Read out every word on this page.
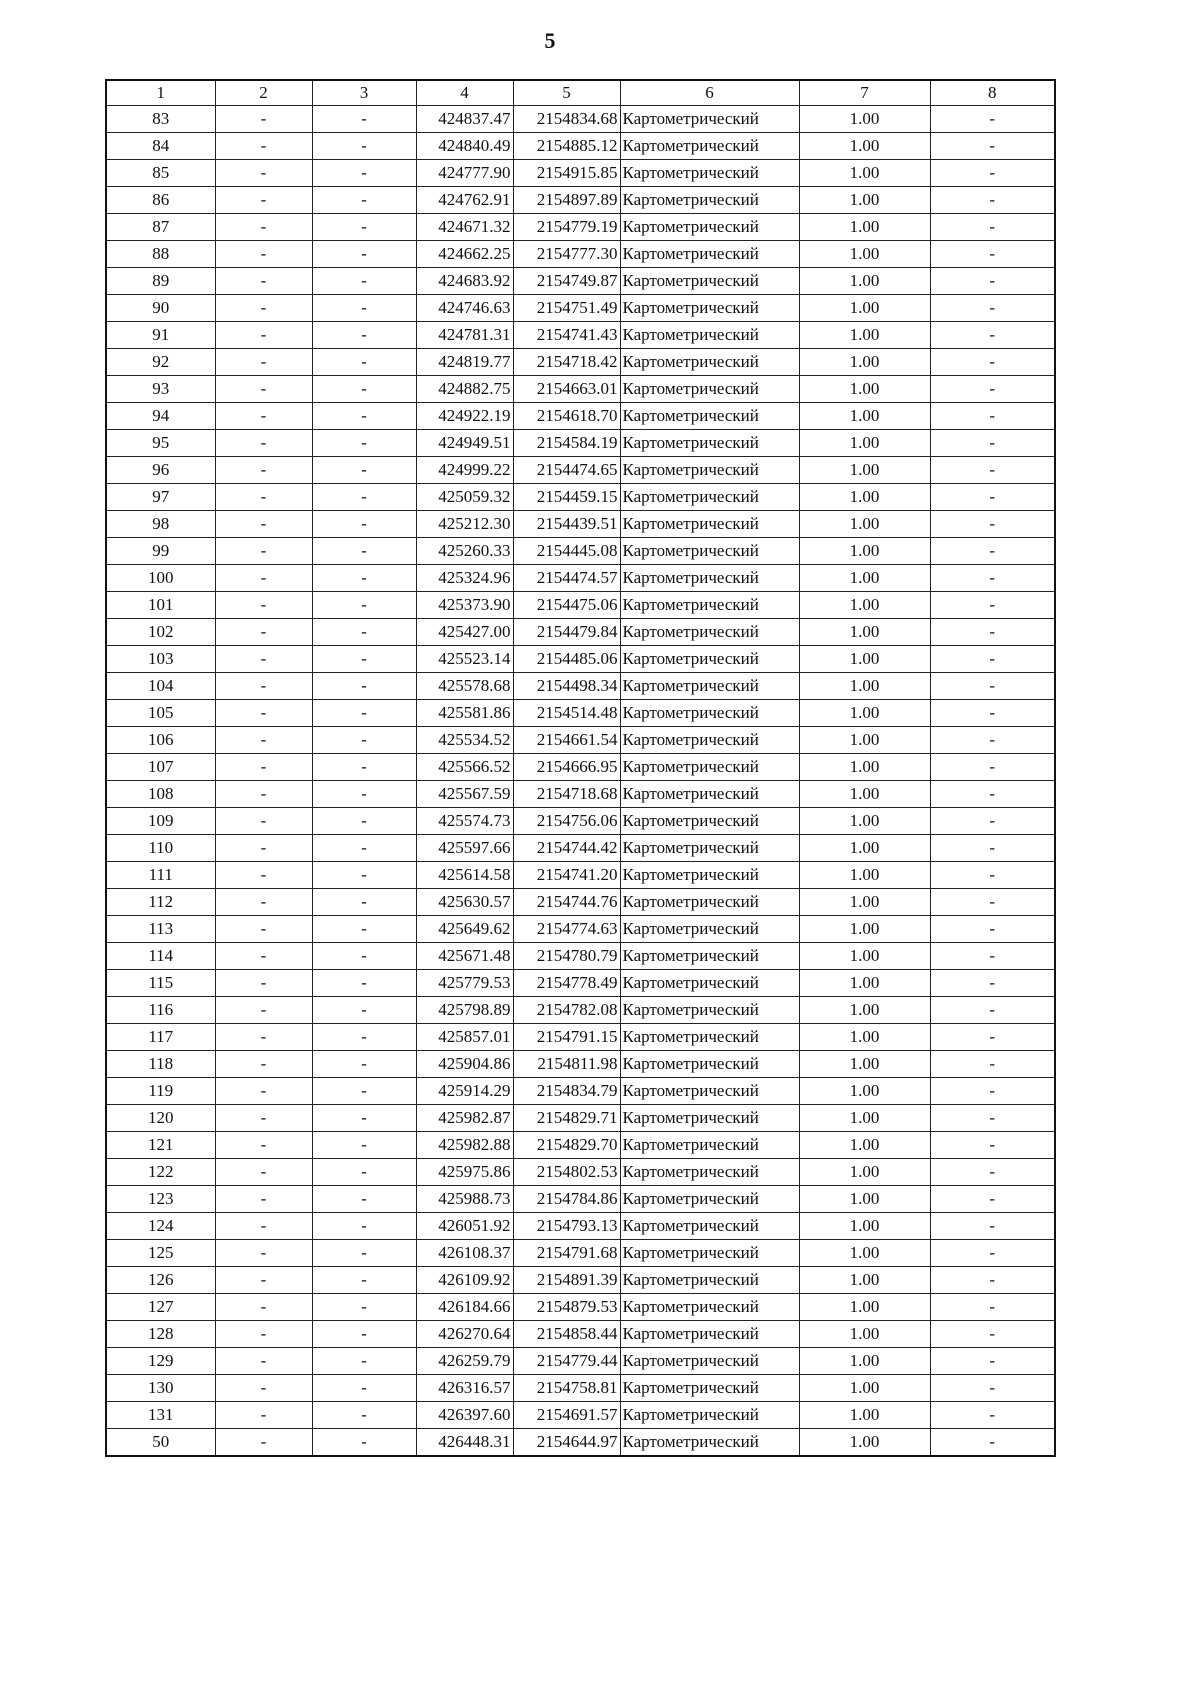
5
1	2	3	4	5	6	7	8
83	-	-	424837.47	2154834.68	Картометрический	1.00	-
84	-	-	424840.49	2154885.12	Картометрический	1.00	-
85	-	-	424777.90	2154915.85	Картометрический	1.00	-
86	-	-	424762.91	2154897.89	Картометрический	1.00	-
87	-	-	424671.32	2154779.19	Картометрический	1.00	-
88	-	-	424662.25	2154777.30	Картометрический	1.00	-
89	-	-	424683.92	2154749.87	Картометрический	1.00	-
90	-	-	424746.63	2154751.49	Картометрический	1.00	-
91	-	-	424781.31	2154741.43	Картометрический	1.00	-
92	-	-	424819.77	2154718.42	Картометрический	1.00	-
93	-	-	424882.75	2154663.01	Картометрический	1.00	-
94	-	-	424922.19	2154618.70	Картометрический	1.00	-
95	-	-	424949.51	2154584.19	Картометрический	1.00	-
96	-	-	424999.22	2154474.65	Картометрический	1.00	-
97	-	-	425059.32	2154459.15	Картометрический	1.00	-
98	-	-	425212.30	2154439.51	Картометрический	1.00	-
99	-	-	425260.33	2154445.08	Картометрический	1.00	-
100	-	-	425324.96	2154474.57	Картометрический	1.00	-
101	-	-	425373.90	2154475.06	Картометрический	1.00	-
102	-	-	425427.00	2154479.84	Картометрический	1.00	-
103	-	-	425523.14	2154485.06	Картометрический	1.00	-
104	-	-	425578.68	2154498.34	Картометрический	1.00	-
105	-	-	425581.86	2154514.48	Картометрический	1.00	-
106	-	-	425534.52	2154661.54	Картометрический	1.00	-
107	-	-	425566.52	2154666.95	Картометрический	1.00	-
108	-	-	425567.59	2154718.68	Картометрический	1.00	-
109	-	-	425574.73	2154756.06	Картометрический	1.00	-
110	-	-	425597.66	2154744.42	Картометрический	1.00	-
111	-	-	425614.58	2154741.20	Картометрический	1.00	-
112	-	-	425630.57	2154744.76	Картометрический	1.00	-
113	-	-	425649.62	2154774.63	Картометрический	1.00	-
114	-	-	425671.48	2154780.79	Картометрический	1.00	-
115	-	-	425779.53	2154778.49	Картометрический	1.00	-
116	-	-	425798.89	2154782.08	Картометрический	1.00	-
117	-	-	425857.01	2154791.15	Картометрический	1.00	-
118	-	-	425904.86	2154811.98	Картометрический	1.00	-
119	-	-	425914.29	2154834.79	Картометрический	1.00	-
120	-	-	425982.87	2154829.71	Картометрический	1.00	-
121	-	-	425982.88	2154829.70	Картометрический	1.00	-
122	-	-	425975.86	2154802.53	Картометрический	1.00	-
123	-	-	425988.73	2154784.86	Картометрический	1.00	-
124	-	-	426051.92	2154793.13	Картометрический	1.00	-
125	-	-	426108.37	2154791.68	Картометрический	1.00	-
126	-	-	426109.92	2154891.39	Картометрический	1.00	-
127	-	-	426184.66	2154879.53	Картометрический	1.00	-
128	-	-	426270.64	2154858.44	Картометрический	1.00	-
129	-	-	426259.79	2154779.44	Картометрический	1.00	-
130	-	-	426316.57	2154758.81	Картометрический	1.00	-
131	-	-	426397.60	2154691.57	Картометрический	1.00	-
50	-	-	426448.31	2154644.97	Картометрический	1.00	-
